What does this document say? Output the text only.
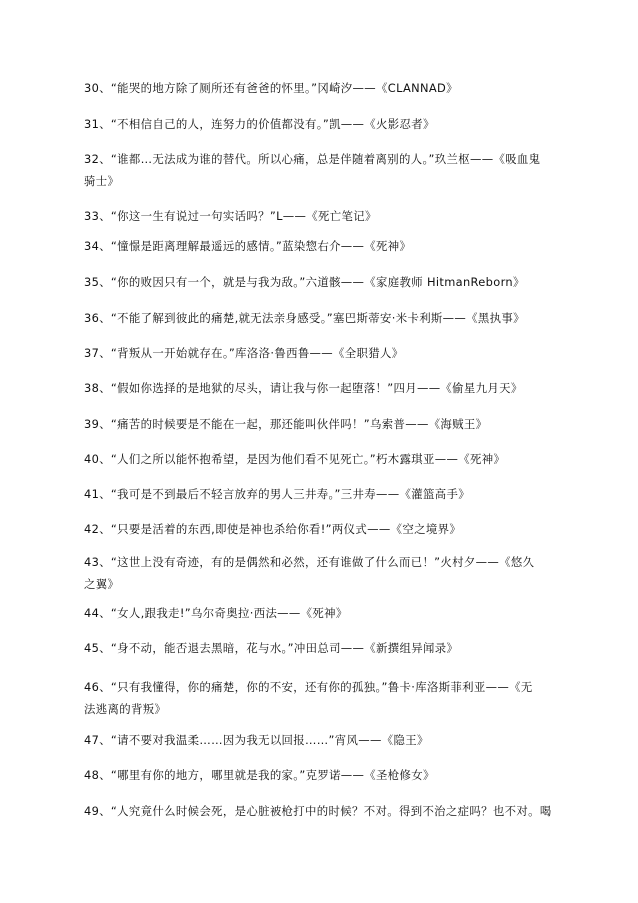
30、“能哭的地方除了厕所还有爸爸的怀里。”冈崎汐——《CLANNAD》
31、“不相信自己的人，连努力的价值都没有。”凯——《火影忍者》
32、“谁都…无法成为谁的替代。所以心痛，总是伴随着离别的人。”玖兰枢——《吸血鬼骑士》
33、“你这一生有说过一句实话吗？”L——《死亡笔记》
34、“憧憬是距离理解最遥远的感情。”蓝染惣右介——《死神》
35、“你的败因只有一个，就是与我为敌。”六道骸——《家庭教师 HitmanReborn》
36、“不能了解到彼此的痛楚,就无法亲身感受。”塞巴斯蒂安·米卡利斯——《黑执事》
37、“背叛从一开始就存在。”库洛洛·鲁西鲁——《全职猎人》
38、“假如你选择的是地狱的尽头，请让我与你一起堕落！”四月——《偷星九月天》
39、“痛苦的时候要是不能在一起，那还能叫伙伴吗！”乌索普——《海贼王》
40、“人们之所以能怀抱希望，是因为他们看不见死亡。”朽木露琪亚——《死神》
41、“我可是不到最后不轻言放弃的男人三井寿。”三井寿——《灌篮高手》
42、“只要是活着的东西,即使是神也杀给你看!”两仪式——《空之境界》
43、“这世上没有奇迹，有的是偶然和必然，还有谁做了什么而已！”火村夕——《悠久之翼》
44、“女人,跟我走!”乌尔奇奥拉·西法——《死神》
45、“身不动，能否退去黑暗，花与水。”冲田总司——《新撰组异闻录》
46、“只有我懂得，你的痛楚，你的不安，还有你的孤独。”鲁卡·库洛斯菲利亚——《无法逃离的背叛》
47、“请不要对我温柔……因为我无以回报……”宵风——《隐王》
48、“哪里有你的地方，哪里就是我的家。”克罗诺——《圣枪修女》
49、“人究竟什么时候会死，是心脏被枪打中的时候？不对。得到不治之症吗？也不对。喝
